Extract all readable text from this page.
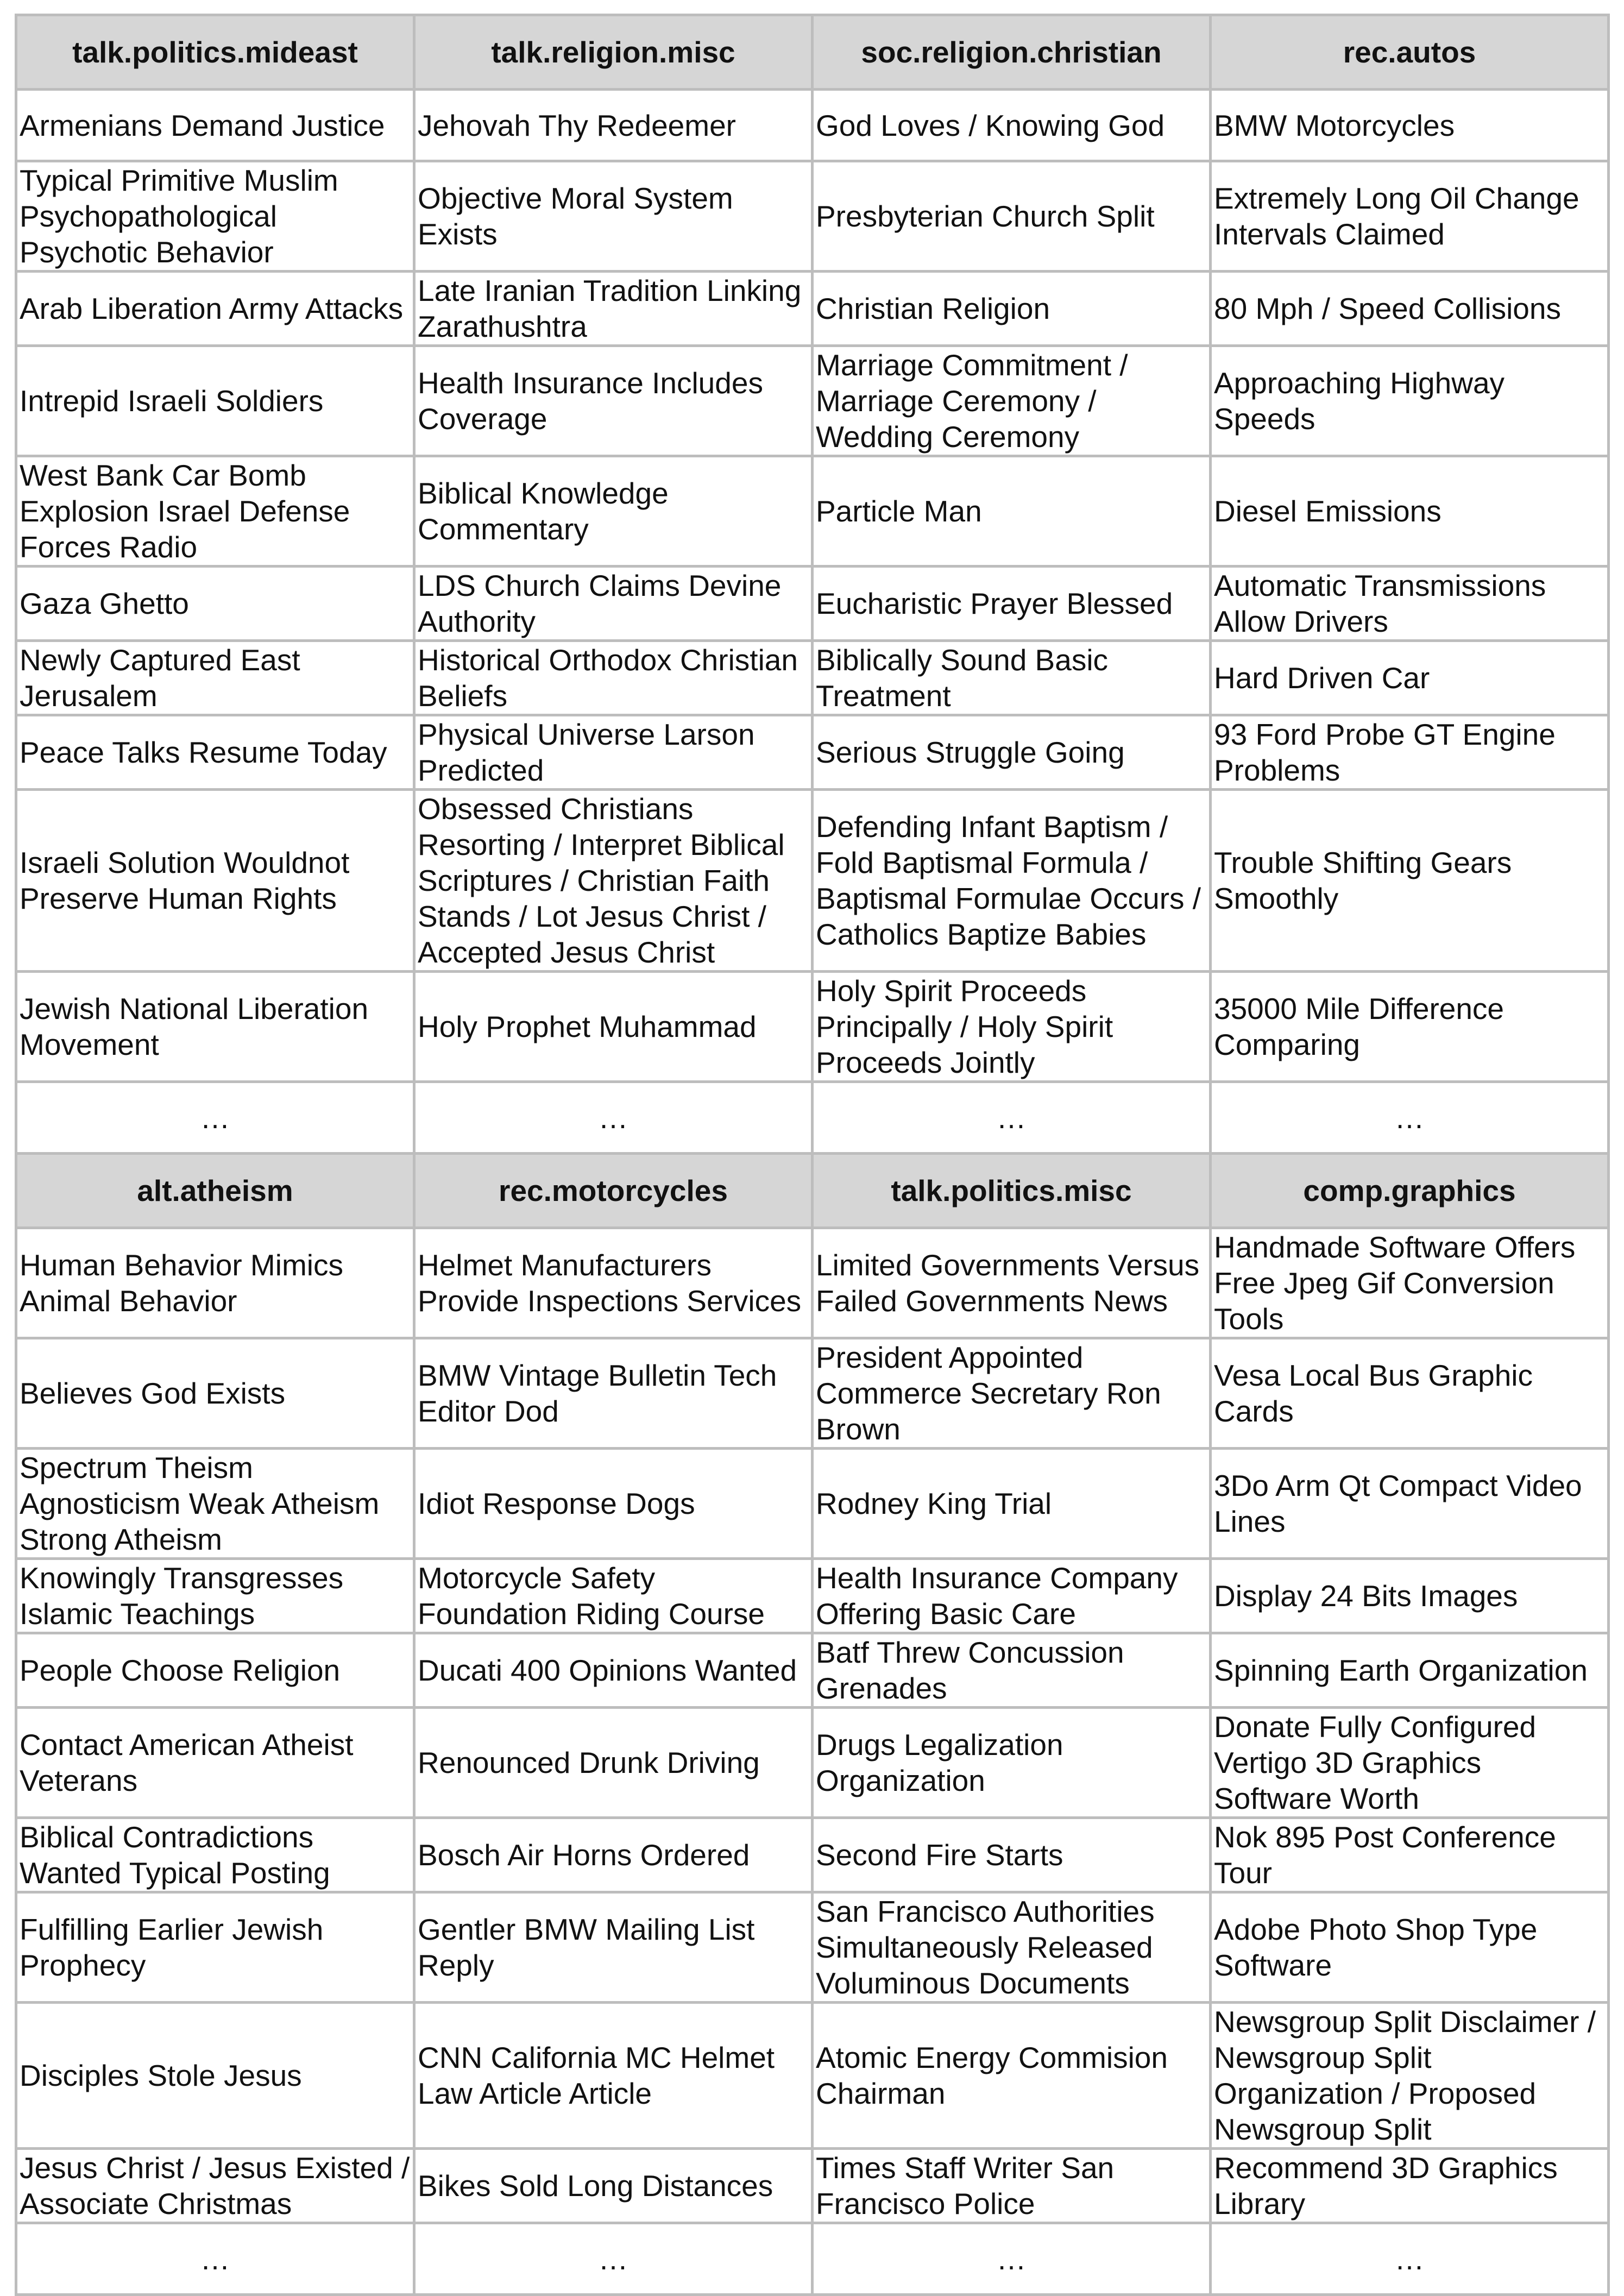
talk.politics.mideast	talk.religion.misc	soc.religion.christian	rec.autos
Armenians Demand Justice	Jehovah Thy Redeemer	God Loves / Knowing God	BMW Motorcycles
Typical Primitive Muslim Psychopathological Psychotic Behavior	Objective Moral System Exists	Presbyterian Church Split	Extremely Long Oil Change Intervals Claimed
Arab Liberation Army Attacks	Late Iranian Tradition Linking Zarathushtra	Christian Religion	80 Mph / Speed Collisions
Intrepid Israeli Soldiers	Health Insurance Includes Coverage	Marriage Commitment / Marriage Ceremony / Wedding Ceremony	Approaching Highway Speeds
West Bank Car Bomb Explosion Israel Defense Forces Radio	Biblical Knowledge Commentary	Particle Man	Diesel Emissions
Gaza Ghetto	LDS Church Claims Devine Authority	Eucharistic Prayer Blessed	Automatic Transmissions Allow Drivers
Newly Captured East Jerusalem	Historical Orthodox Christian Beliefs	Biblically Sound Basic Treatment	Hard Driven Car
Peace Talks Resume Today	Physical Universe Larson Predicted	Serious Struggle Going	93 Ford Probe GT Engine Problems
Israeli Solution Wouldnot Preserve Human Rights	Obsessed Christians Resorting / Interpret Biblical Scriptures / Christian Faith Stands / Lot Jesus Christ / Accepted Jesus Christ	Defending Infant Baptism / Fold Baptismal Formula / Baptismal Formulae Occurs / Catholics Baptize Babies	Trouble Shifting Gears Smoothly
Jewish National Liberation Movement	Holy Prophet Muhammad	Holy Spirit Proceeds Principally / Holy Spirit Proceeds Jointly	35000 Mile Difference Comparing
…	…	…	…
alt.atheism	rec.motorcycles	talk.politics.misc	comp.graphics
Human Behavior Mimics Animal Behavior	Helmet Manufacturers Provide Inspections Services	Limited Governments Versus Failed Governments News	Handmade Software Offers Free Jpeg Gif Conversion Tools
Believes God Exists	BMW Vintage Bulletin Tech Editor Dod	President Appointed Commerce Secretary Ron Brown	Vesa Local Bus Graphic Cards
Spectrum Theism Agnosticism Weak Atheism Strong Atheism	Idiot Response Dogs	Rodney King Trial	3Do Arm Qt Compact Video Lines
Knowingly Transgresses Islamic Teachings	Motorcycle Safety Foundation Riding Course	Health Insurance Company Offering Basic Care	Display 24 Bits Images
People Choose Religion	Ducati 400 Opinions Wanted	Batf Threw Concussion Grenades	Spinning Earth Organization
Contact American Atheist Veterans	Renounced Drunk Driving	Drugs Legalization Organization	Donate Fully Configured Vertigo 3D Graphics Software Worth
Biblical Contradictions Wanted Typical Posting	Bosch Air Horns Ordered	Second Fire Starts	Nok 895 Post Conference Tour
Fulfilling Earlier Jewish Prophecy	Gentler BMW Mailing List Reply	San Francisco Authorities Simultaneously Released Voluminous Documents	Adobe Photo Shop Type Software
Disciples Stole Jesus	CNN California MC Helmet Law Article Article	Atomic Energy Commision Chairman	Newsgroup Split Disclaimer / Newsgroup Split Organization / Proposed Newsgroup Split
Jesus Christ / Jesus Existed / Associate Christmas	Bikes Sold Long Distances	Times Staff Writer San Francisco Police	Recommend 3D Graphics Library
…	…	…	…
